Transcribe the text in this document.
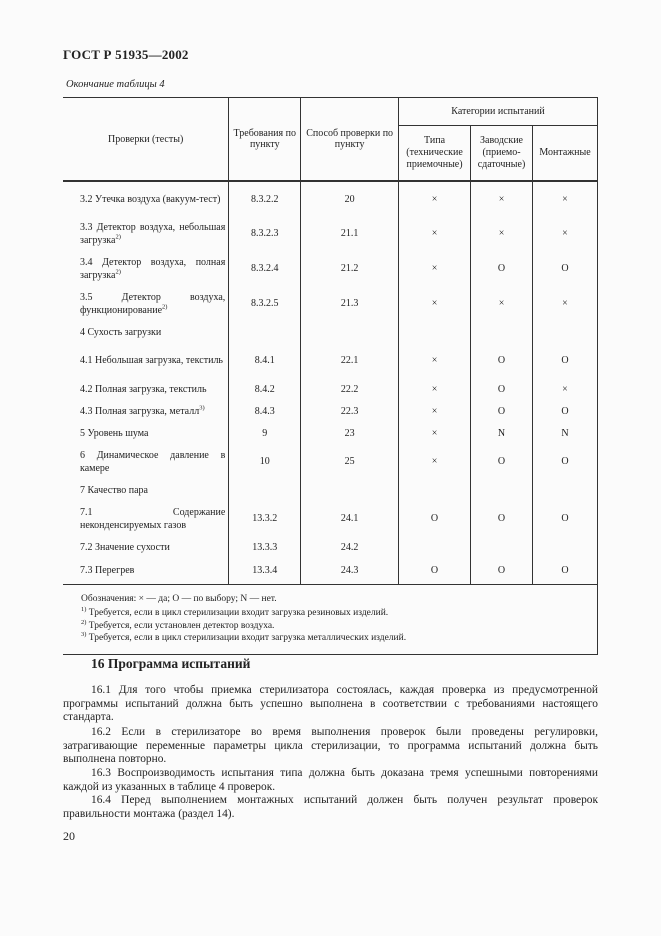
ГОСТ Р 51935—2002
Окончание таблицы 4
Проверки (тесты)	Требования по пункту	Способ проверки по пункту	Категории испытаний		
			Типа (технические приемочные)	Заводские (приемо-сдаточные)	Монтажные
3.2 Утечка воздуха (вакуум-тест)	8.3.2.2	20	×	×	×
3.3 Детектор воздуха, небольшая загрузка$^{2)}$	8.3.2.3	21.1	×	×	×
3.4 Детектор воздуха, полная загрузка$^{2)}$	8.3.2.4	21.2	×	O	O
3.5 Детектор воздуха, функционирование$^{2)}$	8.3.2.5	21.3	×	×	×
4 Сухость загрузки					
4.1 Небольшая загрузка, текстиль	8.4.1	22.1	×	O	O
4.2 Полная загрузка, текстиль	8.4.2	22.2	×	O	×
4.3 Полная загрузка, металл$^{3)}$	8.4.3	22.3	×	O	O
5 Уровень шума	9	23	×	N	N
6 Динамическое давление в камере	10	25	×	O	O
7 Качество пара					
7.1 Содержание неконденсируемых газов	13.3.2	24.1	O	O	O
7.2 Значение сухости	13.3.3	24.2			
7.3 Перегрев	13.3.4	24.3	O	O	O

Обозначения: × — да; O — по выбору; N — нет.
$^{1)}$ Требуется, если в цикл стерилизации входит загрузка резиновых изделий.
$^{2)}$ Требуется, если установлен детектор воздуха.
$^{3)}$ Требуется, если в цикл стерилизации входит загрузка металлических изделий.					
16 Программа испытаний

16.1 Для того чтобы приемка стерилизатора состоялась, каждая проверка из предусмотренной программы испытаний должна быть успешно выполнена в соответствии с требованиями настоящего стандарта.

16.2 Если в стерилизаторе во время выполнения проверок были проведены регулировки, затрагивающие переменные параметры цикла стерилизации, то программа испытаний должна быть выполнена повторно.

16.3 Воспроизводимость испытания типа должна быть доказана тремя успешными повторениями каждой из указанных в таблице 4 проверок.

16.4 Перед выполнением монтажных испытаний должен быть получен результат проверок правильности монтажа (раздел 14).

20
